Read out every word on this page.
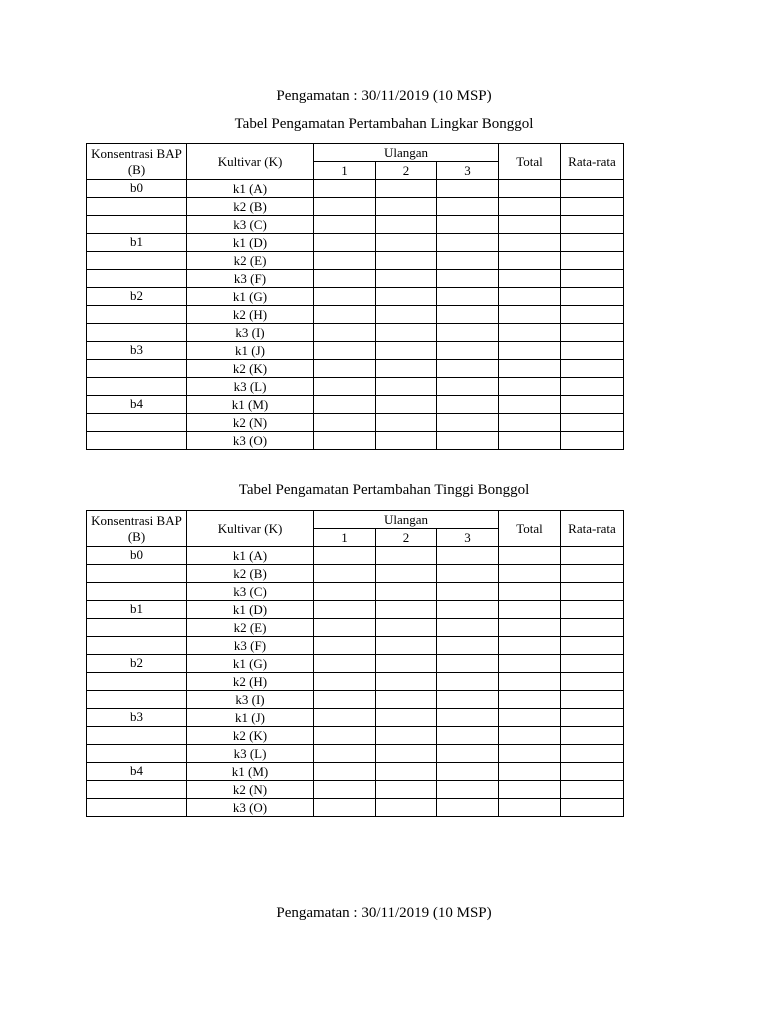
Pengamatan : 30/11/2019 (10 MSP)
Tabel Pengamatan Pertambahan Lingkar Bonggol
Konsentrasi BAP (B)	Kultivar (K)	Ulangan			Total	Rata-rata
		1	2	3		
b0	k1 (A)					
	k2 (B)					
	k3 (C)					
b1	k1 (D)					
	k2 (E)					
	k3 (F)					
b2	k1 (G)					
	k2 (H)					
	k3 (I)					
b3	k1 (J)					
	k2 (K)					
	k3 (L)					
b4	k1 (M)					
	k2 (N)					
	k3 (O)					
Tabel Pengamatan Pertambahan Tinggi Bonggol
Konsentrasi BAP (B)	Kultivar (K)	Ulangan			Total	Rata-rata
		1	2	3		
b0	k1 (A)					
	k2 (B)					
	k3 (C)					
b1	k1 (D)					
	k2 (E)					
	k3 (F)					
b2	k1 (G)					
	k2 (H)					
	k3 (I)					
b3	k1 (J)					
	k2 (K)					
	k3 (L)					
b4	k1 (M)					
	k2 (N)					
	k3 (O)					
Pengamatan : 30/11/2019 (10 MSP)
